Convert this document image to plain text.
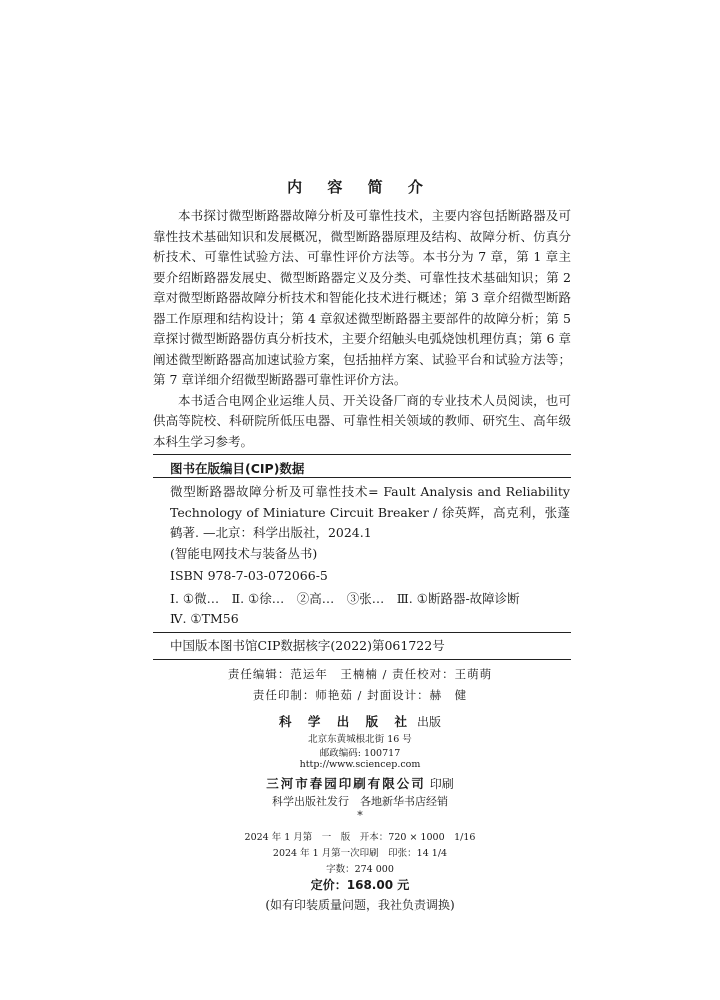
内 容 简 介

本书探讨微型断路器故障分析及可靠性技术，主要内容包括断路器及可靠性技术基础知识和发展概况，微型断路器原理及结构、故障分析、仿真分析技术、可靠性试验方法、可靠性评价方法等。本书分为 7 章，第 1 章主要介绍断路器发展史、微型断路器定义及分类、可靠性技术基础知识；第 2 章对微型断路器故障分析技术和智能化技术进行概述；第 3 章介绍微型断路器工作原理和结构设计；第 4 章叙述微型断路器主要部件的故障分析；第 5 章探讨微型断路器仿真分析技术，主要介绍触头电弧烧蚀机理仿真；第 6 章阐述微型断路器高加速试验方案，包括抽样方案、试验平台和试验方法等；第 7 章详细介绍微型断路器可靠性评价方法。

本书适合电网企业运维人员、开关设备厂商的专业技术人员阅读，也可供高等院校、科研院所低压电器、可靠性相关领域的教师、研究生、高年级本科生学习参考。

图书在版编目(CIP)数据
微型断路器故障分析及可靠性技术= Fault Analysis and Reliability Technology of Miniature Circuit Breaker / 徐英辉，高克利，张蓬鹤著. —北京：科学出版社，2024.1
(智能电网技术与装备丛书)
ISBN 978-7-03-072066-5
Ⅰ. ①微…　Ⅱ. ①徐…　②高…　③张…　Ⅲ. ①断路器-故障诊断
Ⅳ. ①TM56
中国版本图书馆CIP数据核字(2022)第061722号
责任编辑：范运年　王楠楠 / 责任校对：王萌萌
责任印制：师艳茹 / 封面设计：赫　健
科 学 出 版 社 出版
北京东黄城根北街 16 号
邮政编码: 100717
http://www.sciencep.com
三河市春园印刷有限公司 印刷
科学出版社发行　各地新华书店经销
*
2024 年 1 月第　一　版　开本：720 × 1000　1/16
2024 年 1 月第一次印刷　印张：14 1/4
字数：274 000
定价：168.00 元
(如有印装质量问题，我社负责调换)
